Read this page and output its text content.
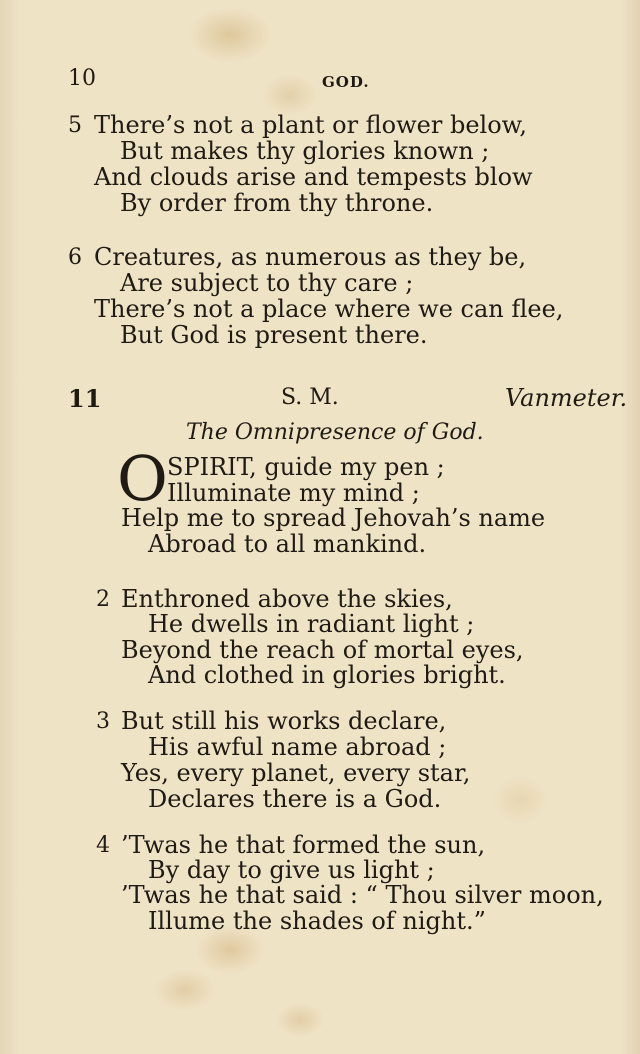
10	GOD.
5 There’s not a plant or flower below,
But makes thy glories known ;
And clouds arise and tempests blow
By order from thy throne.
6 Creatures, as numerous as they be,
Are subject to thy care ;
There’s not a place where we can flee,
But God is present there.
11	S. M.	Vanmeter.
The Omnipresence of God.
O SPIRIT, guide my pen ;
Illuminate my mind ;
Help me to spread Jehovah’s name
Abroad to all mankind.
2 Enthroned above the skies,
He dwells in radiant light ;
Beyond the reach of mortal eyes,
And clothed in glories bright.
3 But still his works declare,
His awful name abroad ;
Yes, every planet, every star,
Declares there is a God.
4 ’Twas he that formed the sun,
By day to give us light ;
’Twas he that said : “ Thou silver moon,
Illume the shades of night.”
